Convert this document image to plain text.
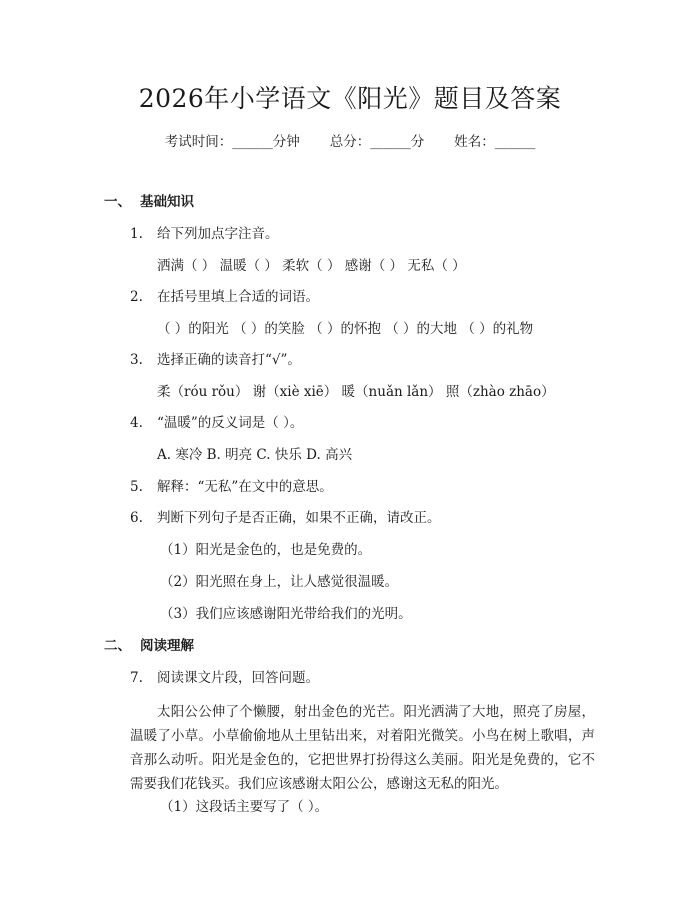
2026年小学语文《阳光》题目及答案
考试时间：______分钟 总分：______分 姓名：______
一、 基础知识
1. 给下列加点字注音。
洒满（ ） 温暖（ ） 柔软（ ） 感谢（ ） 无私（ ）
2. 在括号里填上合适的词语。
（ ）的阳光 （ ）的笑脸 （ ）的怀抱 （ ）的大地 （ ）的礼物
3. 选择正确的读音打“√”。
柔（róu rǒu） 谢（xiè xiē） 暖（nuǎn lǎn） 照（zhào zhāo）
4. “温暖”的反义词是（ ）。
A. 寒冷 B. 明亮 C. 快乐 D. 高兴
5. 解释：“无私”在文中的意思。
6. 判断下列句子是否正确，如果不正确，请改正。
（1）阳光是金色的，也是免费的。
（2）阳光照在身上，让人感觉很温暖。
（3）我们应该感谢阳光带给我们的光明。
二、 阅读理解
7. 阅读课文片段，回答问题。
太阳公公伸了个懒腰，射出金色的光芒。阳光洒满了大地，照亮了房屋，温暖了小草。小草偷偷地从土里钻出来，对着阳光微笑。小鸟在树上歌唱，声音那么动听。阳光是金色的，它把世界打扮得这么美丽。阳光是免费的，它不需要我们花钱买。我们应该感谢太阳公公，感谢这无私的阳光。
（1）这段话主要写了（ ）。
